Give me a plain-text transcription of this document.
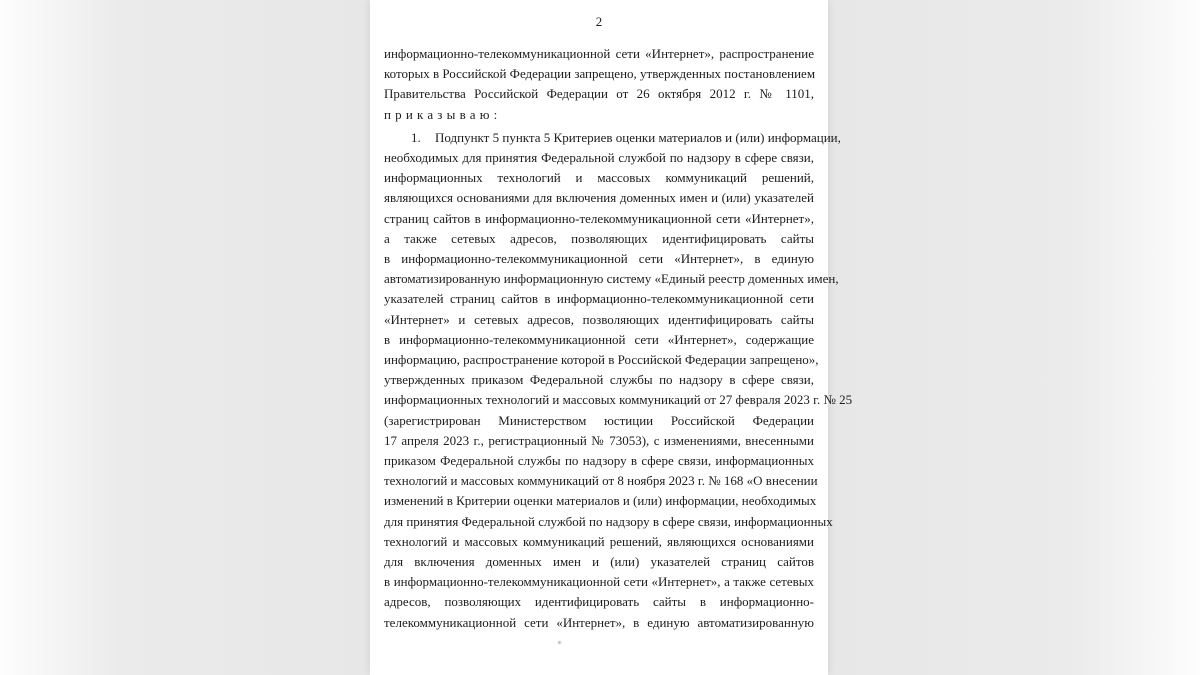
2
информационно-телекоммуникационной сети «Интернет», распространение
которых в Российской Федерации запрещено, утвержденных постановлением
Правительства Российской Федерации от 26 октября 2012 г. № 1101,
приказываю:
1. Подпункт 5 пункта 5 Критериев оценки материалов и (или) информации,
необходимых для принятия Федеральной службой по надзору в сфере связи,
информационных технологий и массовых коммуникаций решений,
являющихся основаниями для включения доменных имен и (или) указателей
страниц сайтов в информационно-телекоммуникационной сети «Интернет»,
а также сетевых адресов, позволяющих идентифицировать сайты
в информационно-телекоммуникационной сети «Интернет», в единую
автоматизированную информационную систему «Единый реестр доменных имен,
указателей страниц сайтов в информационно-телекоммуникационной сети
«Интернет» и сетевых адресов, позволяющих идентифицировать сайты
в информационно-телекоммуникационной сети «Интернет», содержащие
информацию, распространение которой в Российской Федерации запрещено»,
утвержденных приказом Федеральной службы по надзору в сфере связи,
информационных технологий и массовых коммуникаций от 27 февраля 2023 г. № 25
(зарегистрирован Министерством юстиции Российской Федерации
17 апреля 2023 г., регистрационный № 73053), с изменениями, внесенными
приказом Федеральной службы по надзору в сфере связи, информационных
технологий и массовых коммуникаций от 8 ноября 2023 г. № 168 «О внесении
изменений в Критерии оценки материалов и (или) информации, необходимых
для принятия Федеральной службой по надзору в сфере связи, информационных
технологий и массовых коммуникаций решений, являющихся основаниями
для включения доменных имен и (или) указателей страниц сайтов
в информационно-телекоммуникационной сети «Интернет», а также сетевых
адресов, позволяющих идентифицировать сайты в информационно-
телекоммуникационной сети «Интернет», в единую автоматизированную
